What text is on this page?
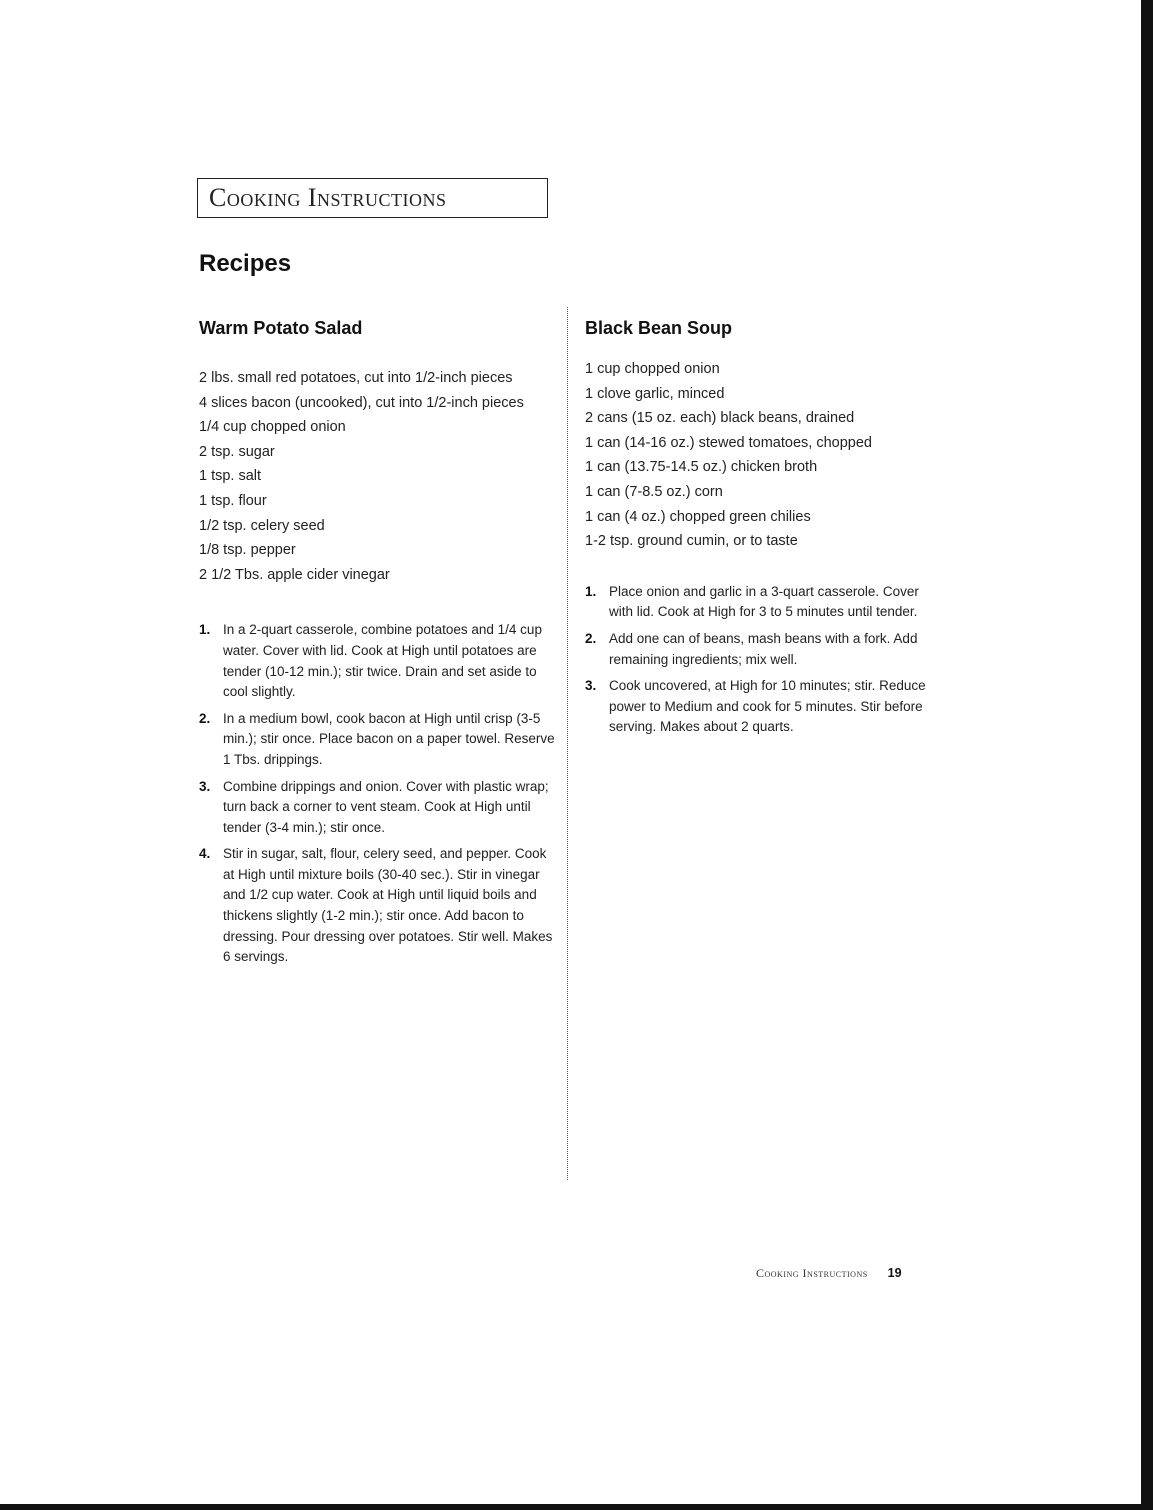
Cooking Instructions
Recipes
Warm Potato Salad
2 lbs. small red potatoes, cut into 1/2-inch pieces
4 slices bacon (uncooked), cut into 1/2-inch pieces
1/4 cup chopped onion
2 tsp. sugar
1 tsp. salt
1 tsp. flour
1/2 tsp. celery seed
1/8 tsp. pepper
2 1/2 Tbs. apple cider vinegar
1. In a 2-quart casserole, combine potatoes and 1/4 cup water. Cover with lid. Cook at High until potatoes are tender (10-12 min.); stir twice. Drain and set aside to cool slightly.
2. In a medium bowl, cook bacon at High until crisp (3-5 min.); stir once. Place bacon on a paper towel. Reserve 1 Tbs. drippings.
3. Combine drippings and onion. Cover with plastic wrap; turn back a corner to vent steam. Cook at High until tender (3-4 min.); stir once.
4. Stir in sugar, salt, flour, celery seed, and pepper. Cook at High until mixture boils (30-40 sec.). Stir in vinegar and 1/2 cup water. Cook at High until liquid boils and thickens slightly (1-2 min.); stir once. Add bacon to dressing. Pour dressing over potatoes. Stir well. Makes 6 servings.
Black Bean Soup
1 cup chopped onion
1 clove garlic, minced
2 cans (15 oz. each) black beans, drained
1 can (14-16 oz.) stewed tomatoes, chopped
1 can (13.75-14.5 oz.) chicken broth
1 can (7-8.5 oz.) corn
1 can (4 oz.) chopped green chilies
1-2 tsp. ground cumin, or to taste
1. Place onion and garlic in a 3-quart casserole. Cover with lid. Cook at High for 3 to 5 minutes until tender.
2. Add one can of beans, mash beans with a fork. Add remaining ingredients; mix well.
3. Cook uncovered, at High for 10 minutes; stir. Reduce power to Medium and cook for 5 minutes. Stir before serving. Makes about 2 quarts.
Cooking Instructions 19
